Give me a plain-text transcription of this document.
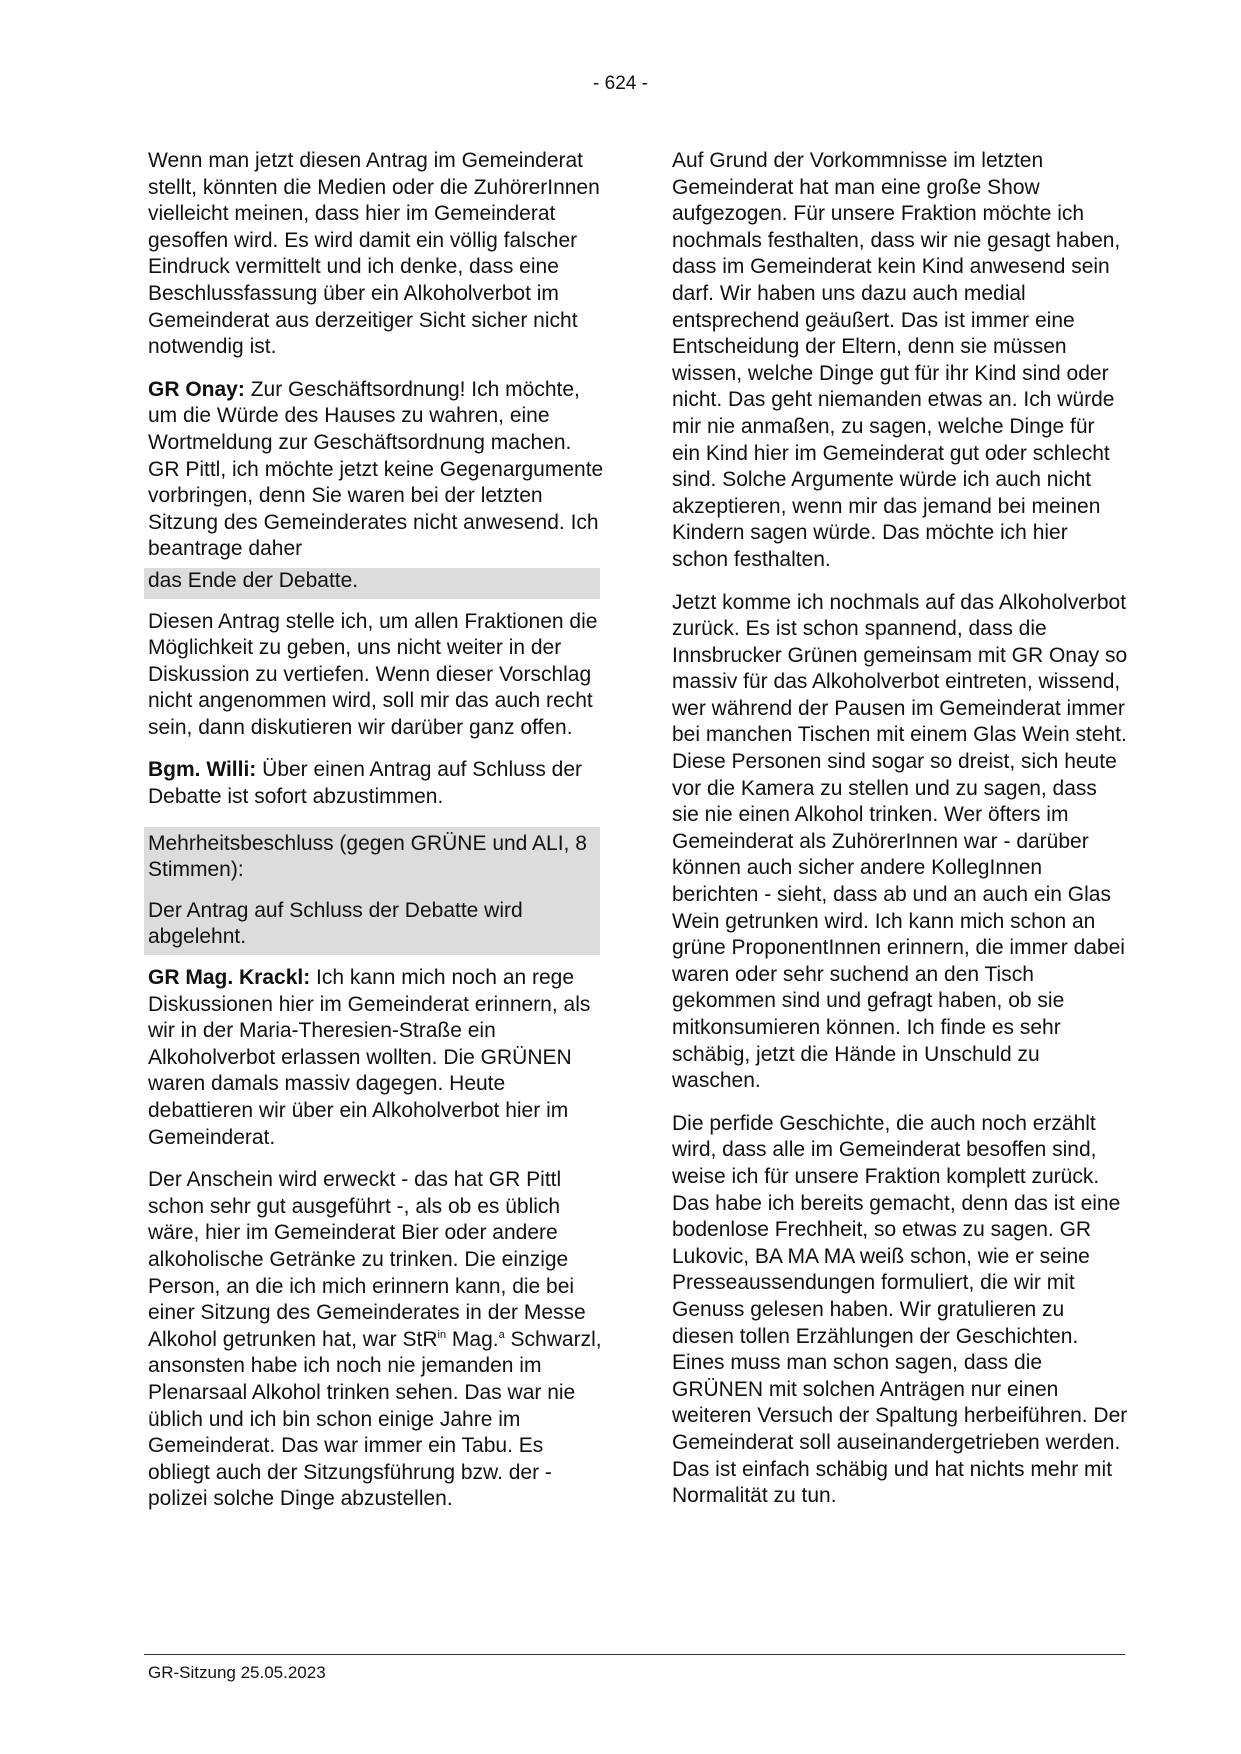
- 624 -

Wenn man jetzt diesen Antrag im Gemeinderat stellt, könnten die Medien oder die ZuhörerInnen vielleicht meinen, dass hier im Gemeinderat gesoffen wird. Es wird damit ein völlig falscher Eindruck vermittelt und ich denke, dass eine Beschlussfassung über ein Alkoholverbot im Gemeinderat aus derzeitiger Sicht sicher nicht notwendig ist.

GR Onay: Zur Geschäftsordnung! Ich möchte, um die Würde des Hauses zu wahren, eine Wortmeldung zur Geschäftsordnung machen. GR Pittl, ich möchte jetzt keine Gegenargumente vorbringen, denn Sie waren bei der letzten Sitzung des Gemeinderates nicht anwesend. Ich beantrage daher

das Ende der Debatte.

Diesen Antrag stelle ich, um allen Fraktionen die Möglichkeit zu geben, uns nicht weiter in der Diskussion zu vertiefen. Wenn dieser Vorschlag nicht angenommen wird, soll mir das auch recht sein, dann diskutieren wir darüber ganz offen.

Bgm. Willi: Über einen Antrag auf Schluss der Debatte ist sofort abzustimmen.

Mehrheitsbeschluss (gegen GRÜNE und ALI, 8 Stimmen):
Der Antrag auf Schluss der Debatte wird abgelehnt.

GR Mag. Krackl: Ich kann mich noch an rege Diskussionen hier im Gemeinderat erinnern, als wir in der Maria-Theresien-Straße ein Alkoholverbot erlassen wollten. Die GRÜNEN waren damals massiv dagegen. Heute debattieren wir über ein Alkoholverbot hier im Gemeinderat.

Der Anschein wird erweckt - das hat GR Pittl schon sehr gut ausgeführt -, als ob es üblich wäre, hier im Gemeinderat Bier oder andere alkoholische Getränke zu trinken. Die einzige Person, an die ich mich erinnern kann, die bei einer Sitzung des Gemeinderates in der Messe Alkohol getrunken hat, war StR$^{in}$ Mag.$^a$ Schwarzl, ansonsten habe ich noch nie jemanden im Plenarsaal Alkohol trinken sehen. Das war nie üblich und ich bin schon einige Jahre im Gemeinderat. Das war immer ein Tabu. Es obliegt auch der Sitzungsführung bzw. der -polizei solche Dinge abzustellen.

Auf Grund der Vorkommnisse im letzten Gemeinderat hat man eine große Show aufgezogen. Für unsere Fraktion möchte ich nochmals festhalten, dass wir nie gesagt haben, dass im Gemeinderat kein Kind anwesend sein darf. Wir haben uns dazu auch medial entsprechend geäußert. Das ist immer eine Entscheidung der Eltern, denn sie müssen wissen, welche Dinge gut für ihr Kind sind oder nicht. Das geht niemanden etwas an. Ich würde mir nie anmaßen, zu sagen, welche Dinge für ein Kind hier im Gemeinderat gut oder schlecht sind. Solche Argumente würde ich auch nicht akzeptieren, wenn mir das jemand bei meinen Kindern sagen würde. Das möchte ich hier schon festhalten.

Jetzt komme ich nochmals auf das Alkoholverbot zurück. Es ist schon spannend, dass die Innsbrucker Grünen gemeinsam mit GR Onay so massiv für das Alkoholverbot eintreten, wissend, wer während der Pausen im Gemeinderat immer bei manchen Tischen mit einem Glas Wein steht. Diese Personen sind sogar so dreist, sich heute vor die Kamera zu stellen und zu sagen, dass sie nie einen Alkohol trinken. Wer öfters im Gemeinderat als ZuhörerInnen war - darüber können auch sicher andere KollegInnen berichten - sieht, dass ab und an auch ein Glas Wein getrunken wird. Ich kann mich schon an grüne ProponentInnen erinnern, die immer dabei waren oder sehr suchend an den Tisch gekommen sind und gefragt haben, ob sie mitkonsumieren können. Ich finde es sehr schäbig, jetzt die Hände in Unschuld zu waschen.

Die perfide Geschichte, die auch noch erzählt wird, dass alle im Gemeinderat besoffen sind, weise ich für unsere Fraktion komplett zurück. Das habe ich bereits gemacht, denn das ist eine bodenlose Frechheit, so etwas zu sagen. GR Lukovic, BA MA MA weiß schon, wie er seine Presseaussendungen formuliert, die wir mit Genuss gelesen haben. Wir gratulieren zu diesen tollen Erzählungen der Geschichten. Eines muss man schon sagen, dass die GRÜNEN mit solchen Anträgen nur einen weiteren Versuch der Spaltung herbeiführen. Der Gemeinderat soll auseinandergetrieben werden. Das ist einfach schäbig und hat nichts mehr mit Normalität zu tun.

GR-Sitzung 25.05.2023
